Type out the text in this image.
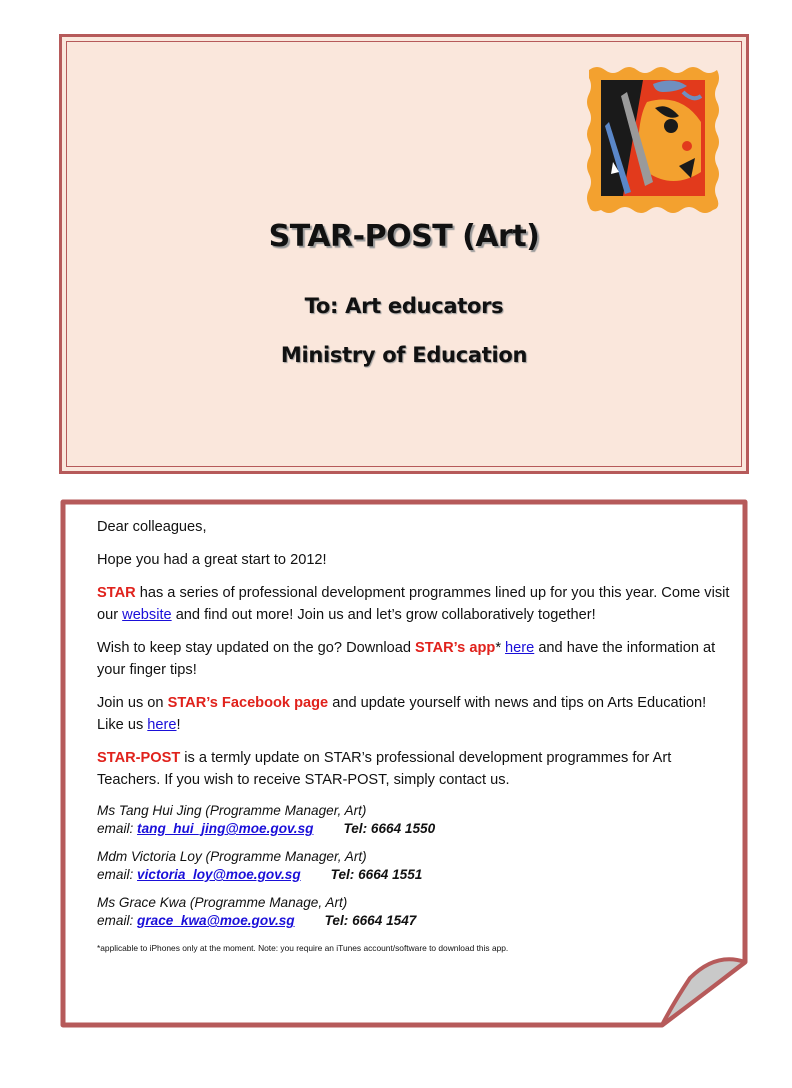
STAR-POST (Art)
To: Art educators
Ministry of Education

Dear colleagues,

Hope you had a great start to 2012!

STAR has a series of professional development programmes lined up for you this year. Come visit our website and find out more! Join us and let’s grow collaboratively together!

Wish to keep stay updated on the go? Download STAR’s app* here and have the information at your finger tips!

Join us on STAR’s Facebook page and update yourself with news and tips on Arts Education! Like us here!

STAR-POST is a termly update on STAR’s professional development programmes for Art Teachers. If you wish to receive STAR-POST, simply contact us.

Ms Tang Hui Jing (Programme Manager, Art)
email: tang_hui_jing@moe.gov.sg Tel: 6664 1550
Mdm Victoria Loy (Programme Manager, Art)
email: victoria_loy@moe.gov.sg Tel: 6664 1551
Ms Grace Kwa (Programme Manage, Art)
email: grace_kwa@moe.gov.sg Tel: 6664 1547
*applicable to iPhones only at the moment. Note: you require an iTunes account/software to download this app.
